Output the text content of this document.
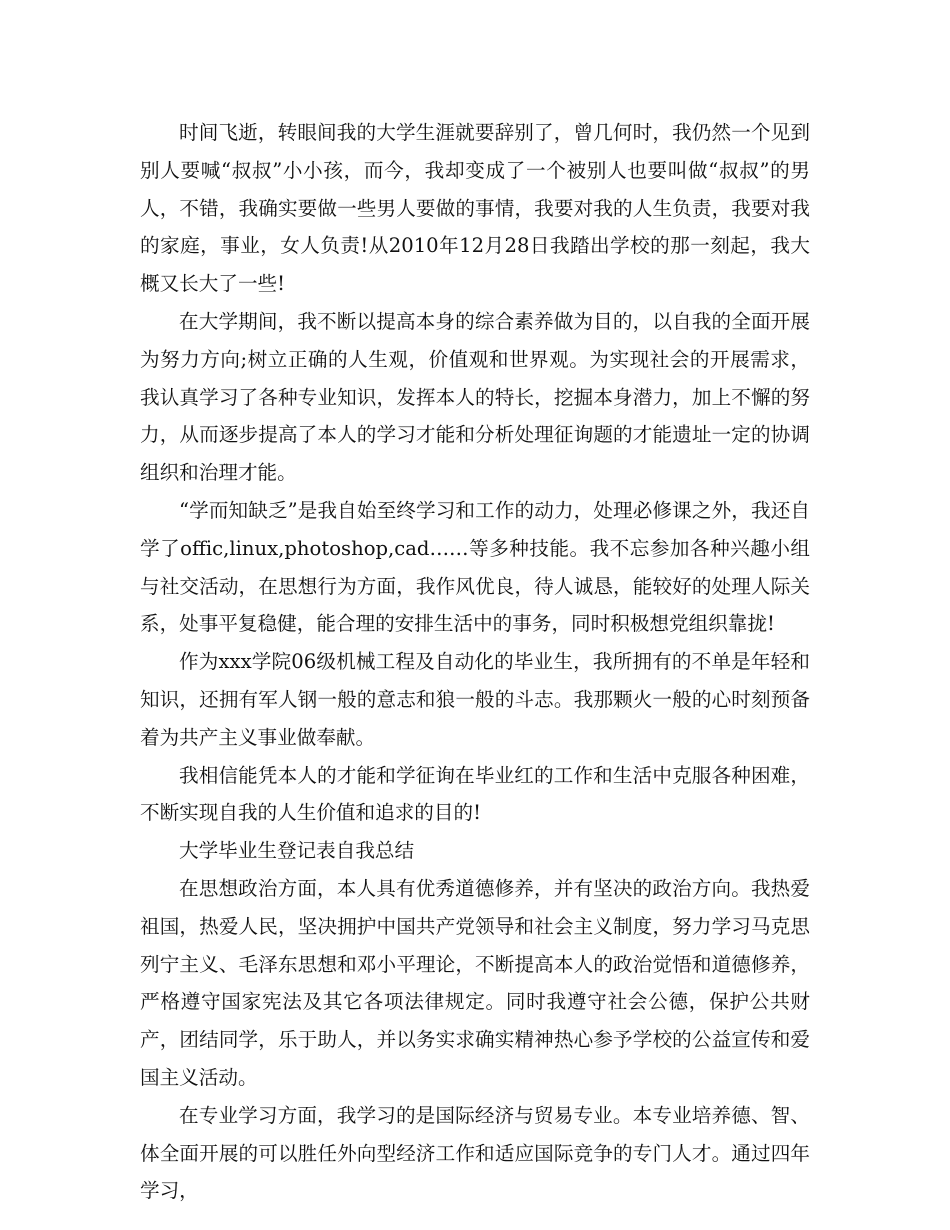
时间飞逝，转眼间我的大学生涯就要辞别了，曾几何时，我仍然一个见到别人要喊“叔叔”小小孩，而今，我却变成了一个被别人也要叫做“叔叔”的男人，不错，我确实要做一些男人要做的事情，我要对我的人生负责，我要对我的家庭，事业，女人负责!从2010年12月28日我踏出学校的那一刻起，我大概又长大了一些!

在大学期间，我不断以提高本身的综合素养做为目的，以自我的全面开展为努力方向;树立正确的人生观，价值观和世界观。为实现社会的开展需求，我认真学习了各种专业知识，发挥本人的特长，挖掘本身潜力，加上不懈的努力，从而逐步提高了本人的学习才能和分析处理征询题的才能遗址一定的协调组织和治理才能。

“学而知缺乏”是我自始至终学习和工作的动力，处理必修课之外，我还自学了offic,linux,photoshop,cad……等多种技能。我不忘参加各种兴趣小组与社交活动，在思想行为方面，我作风优良，待人诚恳，能较好的处理人际关系，处事平复稳健，能合理的安排生活中的事务，同时积极想党组织靠拢!

作为xxx学院06级机械工程及自动化的毕业生，我所拥有的不单是年轻和知识，还拥有军人钢一般的意志和狼一般的斗志。我那颗火一般的心时刻预备着为共产主义事业做奉献。

我相信能凭本人的才能和学征询在毕业红的工作和生活中克服各种困难，不断实现自我的人生价值和追求的目的!

大学毕业生登记表自我总结

在思想政治方面，本人具有优秀道德修养，并有坚决的政治方向。我热爱祖国，热爱人民，坚决拥护中国共产党领导和社会主义制度，努力学习马克思列宁主义、毛泽东思想和邓小平理论，不断提高本人的政治觉悟和道德修养，严格遵守国家宪法及其它各项法律规定。同时我遵守社会公德，保护公共财产，团结同学，乐于助人，并以务实求确实精神热心参予学校的公益宣传和爱国主义活动。

在专业学习方面，我学习的是国际经济与贸易专业。本专业培养德、智、体全面开展的可以胜任外向型经济工作和适应国际竞争的专门人才。通过四年学习，
